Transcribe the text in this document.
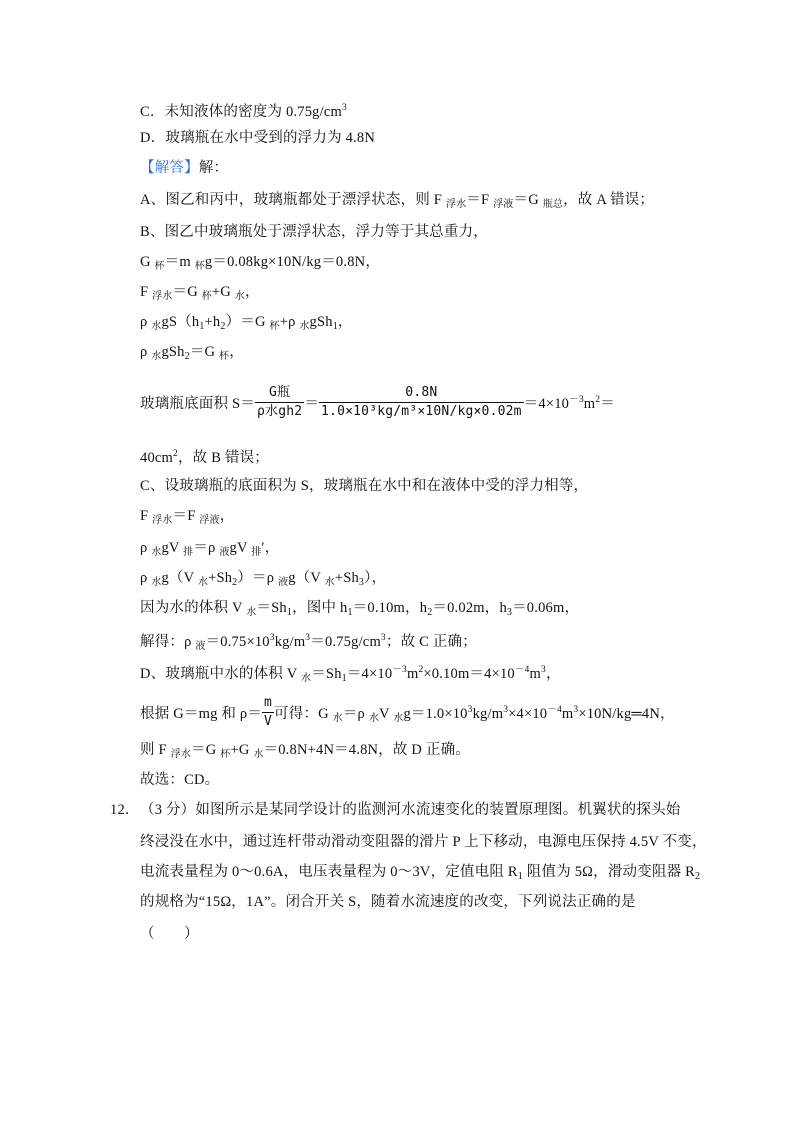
C．未知液体的密度为 $0.75g/cm^3$
D．玻璃瓶在水中受到的浮力为 4.8N
【解答】解：
A、图乙和丙中，玻璃瓶都处于漂浮状态，则 F $_{浮水}$＝F $_{浮液}$＝G $_{瓶总}$，故 A 错误；
B、图乙中玻璃瓶处于漂浮状态，浮力等于其总重力，
G $_杯$＝m $_杯$g＝0.08kg×10N/kg＝0.8N，
F $_{浮水}$＝G $_杯$+G $_水$，
ρ $_水gS(h_1+h_2)=G$ $_杯$+ρ $_水$gSh$_1$，
ρ $_水$gSh$_2$＝G $_杯$，
玻璃瓶底面积 $S= \frac{\text{G瓶}}{\text{ρ水gh2}} = \frac{0.8N}{\text{1.0×10³kg/m³×10N/kg×0.02m}} =4\times 10^{-3}m^2=$
$40cm^2$，故 B 错误；
C、设玻璃瓶的底面积为 S，玻璃瓶在水中和在液体中受的浮力相等，
F $_{浮水}$＝F $_{浮液}$，
ρ $_水$gV $_排$＝ρ $_液$gV $_排$′，
ρ $_水$g（V $_水+Sh_2)=\rho$ $_液$g（V $_水+Sh_3$），
因为水的体积 V $_水=Sh_1$，图中 $h_1=0.10m$，$h_2=0.02m$，$h_3=0.06m$，
解得：ρ $_液=0.75\times 10^3kg/m^3=0.75g/cm^3$；故 C 正确；
D、玻璃瓶中水的体积 V $_水=Sh_1=4\times 10^{-3}m^2\times 0.10m=4\times 10^{-4}m^3$，
根据 G＝mg 和 $\rho= \frac{m}{V}$ 可得：G $_水$＝ρ $_水$V $_水g=1.0\times 10^3kg/m^3\times 4\times 10^{-4}m^3\times 10N/kg═4N$，
则 F $_{浮水}$＝G $_杯$+G $_水$＝0.8N+4N＝4.8N，故 D 正确。
故选：CD。
12． （3 分）如图所示是某同学设计的监测河水流速变化的装置原理图。机翼状的探头始
终浸没在水中，通过连杆带动滑动变阻器的滑片 P 上下移动，电源电压保持 4.5V 不变，
电流表量程为 0～0.6A，电压表量程为 0～3V，定值电阻 $R_1$ 阻值为 5Ω，滑动变阻器 $R_2$
的规格为“15Ω，1A”。闭合开关 S，随着水流速度的改变，下列说法正确的是
（　　）
